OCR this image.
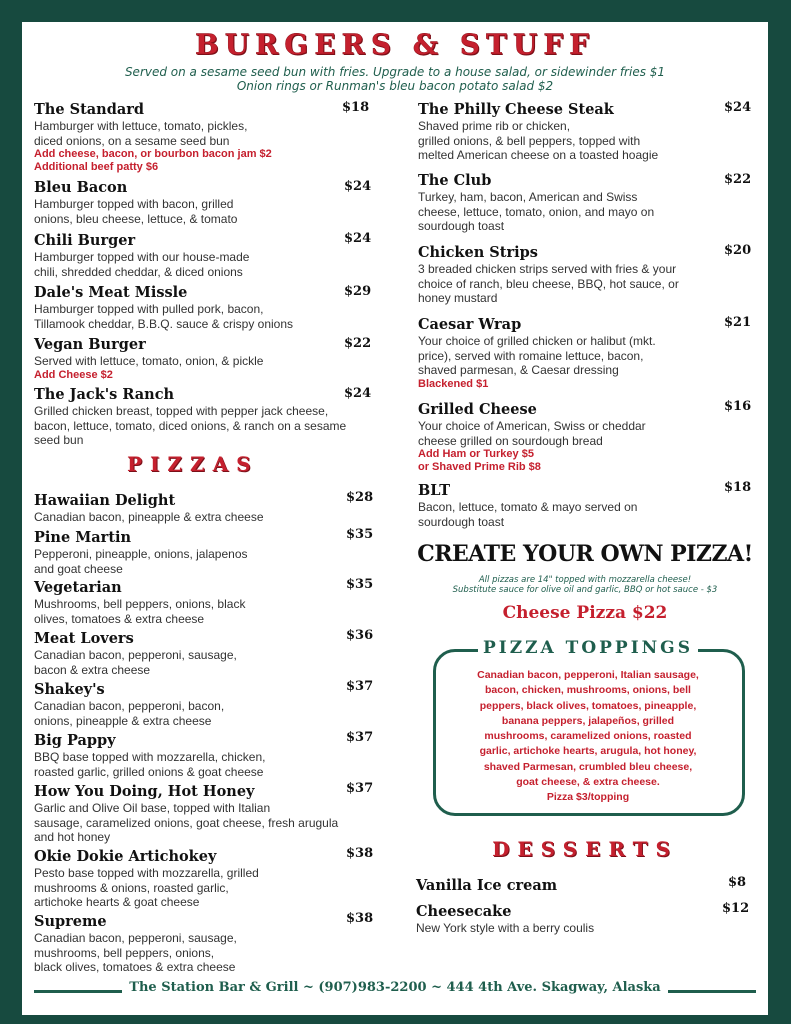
BURGERS & STUFF
Served on a sesame seed bun with fries. Upgrade to a house salad, or sidewinder fries $1
Onion rings or Runman's bleu bacon potato salad $2
The Standard
Hamburger with lettuce, tomato, pickles,
diced onions, on a sesame seed bun
Add cheese, bacon, or bourbon bacon jam $2
Additional beef patty $6
$18
Bleu Bacon
Hamburger topped with bacon, grilled
onions, bleu cheese, lettuce, & tomato
$24
Chili Burger
Hamburger topped with our house-made
chili, shredded cheddar, & diced onions
$24
Dale's Meat Missle
Hamburger topped with pulled pork, bacon,
Tillamook cheddar, B.B.Q. sauce & crispy onions
$29
Vegan Burger
Served with lettuce, tomato, onion, & pickle
Add Cheese $2
$22
The Jack's Ranch
Grilled chicken breast, topped with pepper jack cheese,
bacon, lettuce, tomato, diced onions, & ranch on a sesame
seed bun
$24
PIZZAS
Hawaiian Delight
Canadian bacon, pineapple & extra cheese
$28
Pine Martin
Pepperoni, pineapple, onions, jalapenos
and goat cheese
$35
Vegetarian
Mushrooms, bell peppers, onions, black
olives, tomatoes & extra cheese
$35
Meat Lovers
Canadian bacon, pepperoni, sausage,
bacon & extra cheese
$36
Shakey's
Canadian bacon, pepperoni, bacon,
onions, pineapple & extra cheese
$37
Big Pappy
BBQ base topped with mozzarella, chicken,
roasted garlic, grilled onions & goat cheese
$37
How You Doing, Hot Honey
Garlic and Olive Oil base, topped with Italian
sausage, caramelized onions, goat cheese, fresh arugula
and hot honey
$37
Okie Dokie Artichokey
Pesto base topped with mozzarella, grilled
mushrooms & onions, roasted garlic,
artichoke hearts & goat cheese
$38
Supreme
Canadian bacon, pepperoni, sausage,
mushrooms, bell peppers, onions,
black olives, tomatoes & extra cheese
$38
The Philly Cheese Steak
Shaved prime rib or chicken,
grilled onions, & bell peppers, topped with
melted American cheese on a toasted hoagie
$24
The Club
Turkey, ham, bacon, American and Swiss
cheese, lettuce, tomato, onion, and mayo on
sourdough toast
$22
Chicken Strips
3 breaded chicken strips served with fries & your
choice of ranch, bleu cheese, BBQ, hot sauce, or
honey mustard
$20
Caesar Wrap
Your choice of grilled chicken or halibut (mkt.
price), served with romaine lettuce, bacon,
shaved parmesan, & Caesar dressing
Blackened $1
$21
Grilled Cheese
Your choice of American, Swiss or cheddar
cheese grilled on sourdough bread
Add Ham or Turkey $5
or Shaved Prime Rib $8
$16
BLT
Bacon, lettuce, tomato & mayo served on
sourdough toast
$18
CREATE YOUR OWN PIZZA!
All pizzas are 14" topped with mozzarella cheese!
Substitute sauce for olive oil and garlic, BBQ or hot sauce - $3
Cheese Pizza $22
PIZZA TOPPINGS
Canadian bacon, pepperoni, Italian sausage,
bacon, chicken, mushrooms, onions, bell
peppers, black olives, tomatoes, pineapple,
banana peppers, jalapeños, grilled
mushrooms, caramelized onions, roasted
garlic, artichoke hearts, arugula, hot honey,
shaved Parmesan, crumbled bleu cheese,
goat cheese, & extra cheese.
Pizza $3/topping
DESSERTS
Vanilla Ice cream	$8
Cheesecake
New York style with a berry coulis
$12
The Station Bar & Grill ~ (907)983-2200 ~ 444 4th Ave. Skagway, Alaska
